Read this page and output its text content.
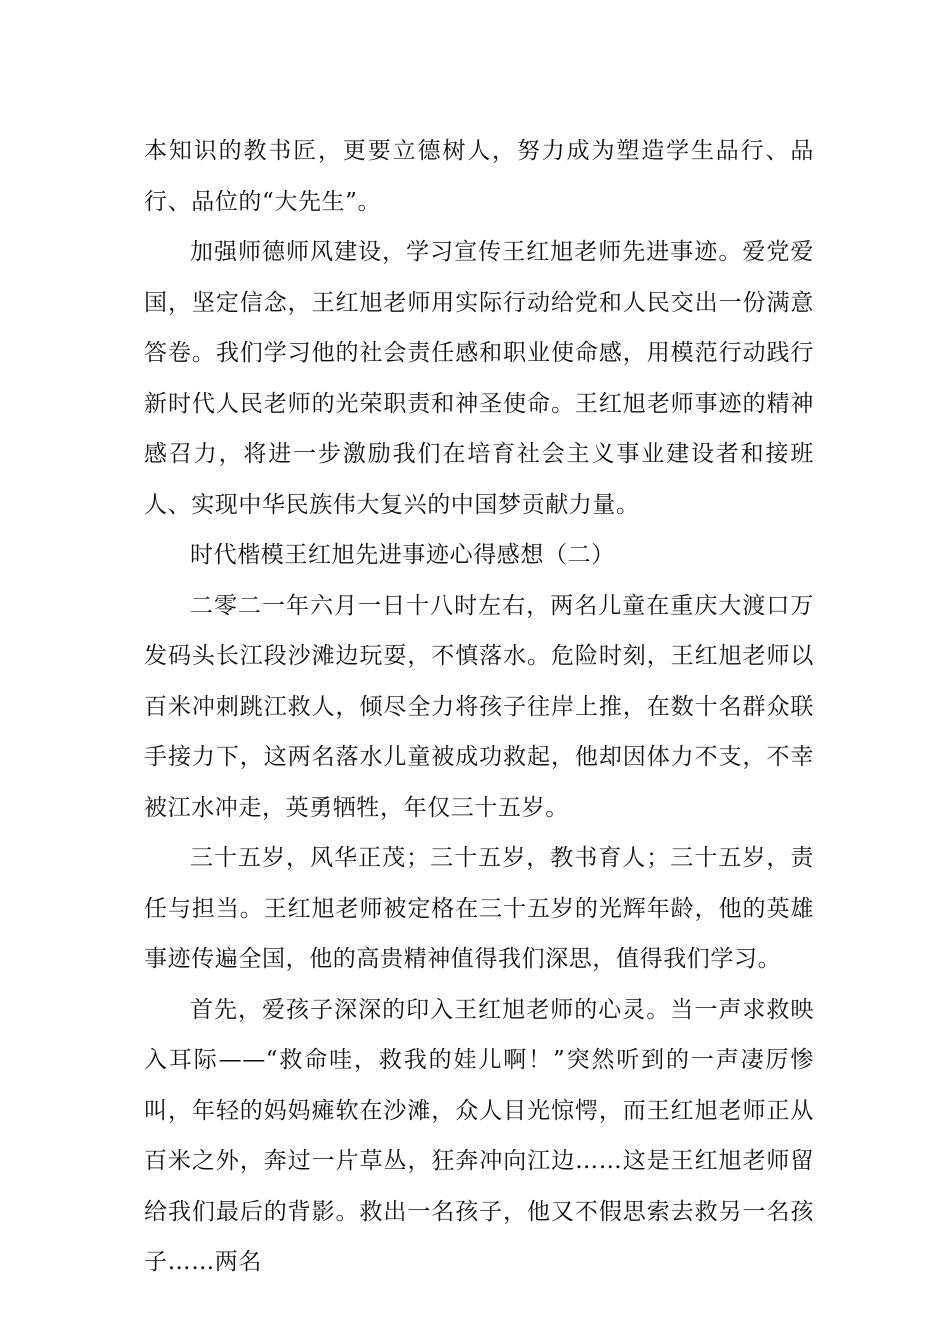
本知识的教书匠，更要立德树人，努力成为塑造学生品行、品行、品位的“大先生”。

加强师德师风建设，学习宣传王红旭老师先进事迹。爱党爱国，坚定信念，王红旭老师用实际行动给党和人民交出一份满意答卷。我们学习他的社会责任感和职业使命感，用模范行动践行新时代人民老师的光荣职责和神圣使命。王红旭老师事迹的精神感召力，将进一步激励我们在培育社会主义事业建设者和接班人、实现中华民族伟大复兴的中国梦贡献力量。

时代楷模王红旭先进事迹心得感想（二）

二零二一年六月一日十八时左右，两名儿童在重庆大渡口万发码头长江段沙滩边玩耍，不慎落水。危险时刻，王红旭老师以百米冲刺跳江救人，倾尽全力将孩子往岸上推，在数十名群众联手接力下，这两名落水儿童被成功救起，他却因体力不支，不幸被江水冲走，英勇牺牲，年仅三十五岁。

三十五岁，风华正茂；三十五岁，教书育人；三十五岁，责任与担当。王红旭老师被定格在三十五岁的光辉年龄，他的英雄事迹传遍全国，他的高贵精神值得我们深思，值得我们学习。

首先，爱孩子深深的印入王红旭老师的心灵。当一声求救映入耳际——“救命哇，救我的娃儿啊！”突然听到的一声凄厉惨叫，年轻的妈妈瘫软在沙滩，众人目光惊愕，而王红旭老师正从百米之外，奔过一片草丛，狂奔冲向江边……这是王红旭老师留给我们最后的背影。救出一名孩子，他又不假思索去救另一名孩子……两名
